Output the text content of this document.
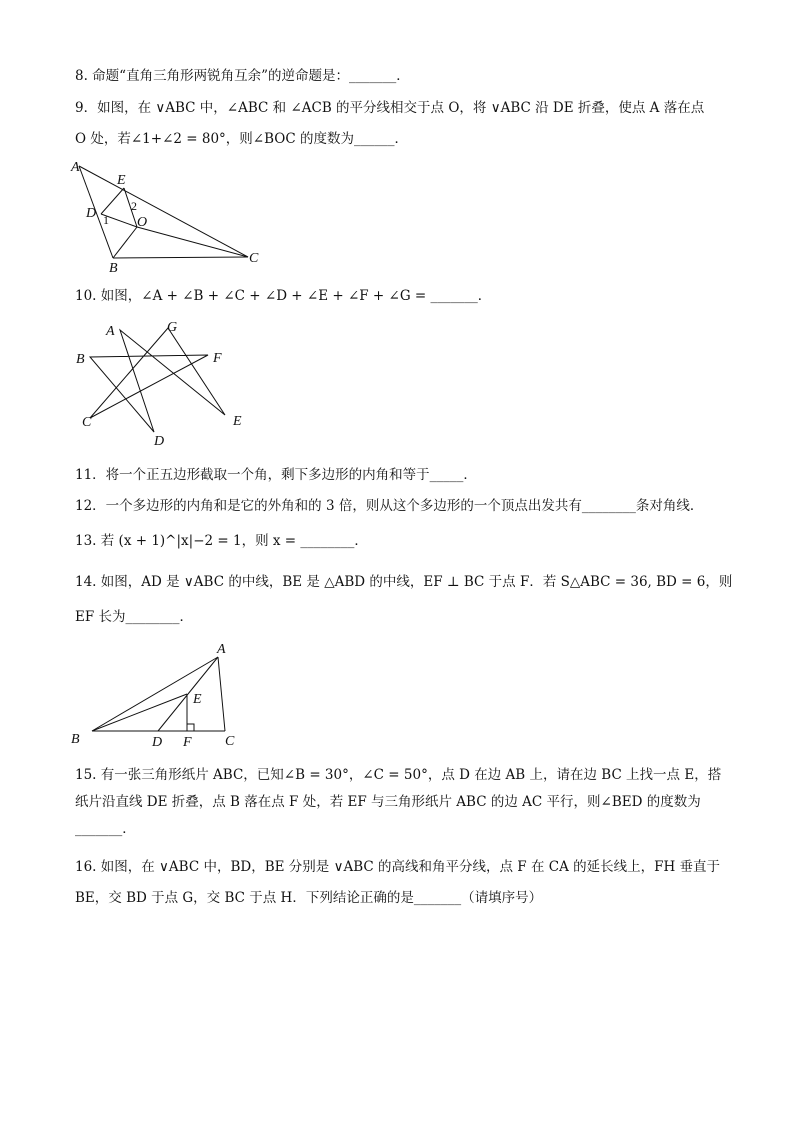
8. 命题“直角三角形两锐角互余”的逆命题是：_______．
9．如图，在 ∨ABC 中，∠ABC 和 ∠ACB 的平分线相交于点 O，将 ∨ABC 沿 DE 折叠，使点 A 落在点
O 处，若∠1+∠2 = 80°，则∠BOC 的度数为______．
A
E
D
O
B
C
1
2
10. 如图，∠A + ∠B + ∠C + ∠D + ∠E + ∠F + ∠G = _______．
A	G
B	F
C	E
D
11．将一个正五边形截取一个角，剩下多边形的内角和等于_____．
12．一个多边形的内角和是它的外角和的 3 倍，则从这个多边形的一个顶点出发共有________条对角线．
13. 若 (x + 1)^|x|−2 = 1，则 x = ________．
14. 如图，AD 是 ∨ABC 的中线，BE 是 △ABD 的中线，EF ⊥ BC 于点 F．若 S△ABC = 36, BD = 6，则
EF 长为________．
A
E
B	D F C
15. 有一张三角形纸片 ABC，已知∠B = 30°，∠C = 50°，点 D 在边 AB 上，请在边 BC 上找一点 E，搭
纸片沿直线 DE 折叠，点 B 落在点 F 处，若 EF 与三角形纸片 ABC 的边 AC 平行，则∠BED 的度数为
_______．
16. 如图，在 ∨ABC 中，BD，BE 分别是 ∨ABC 的高线和角平分线，点 F 在 CA 的延长线上，FH 垂直于
BE，交 BD 于点 G，交 BC 于点 H．下列结论正确的是_______（请填序号）
